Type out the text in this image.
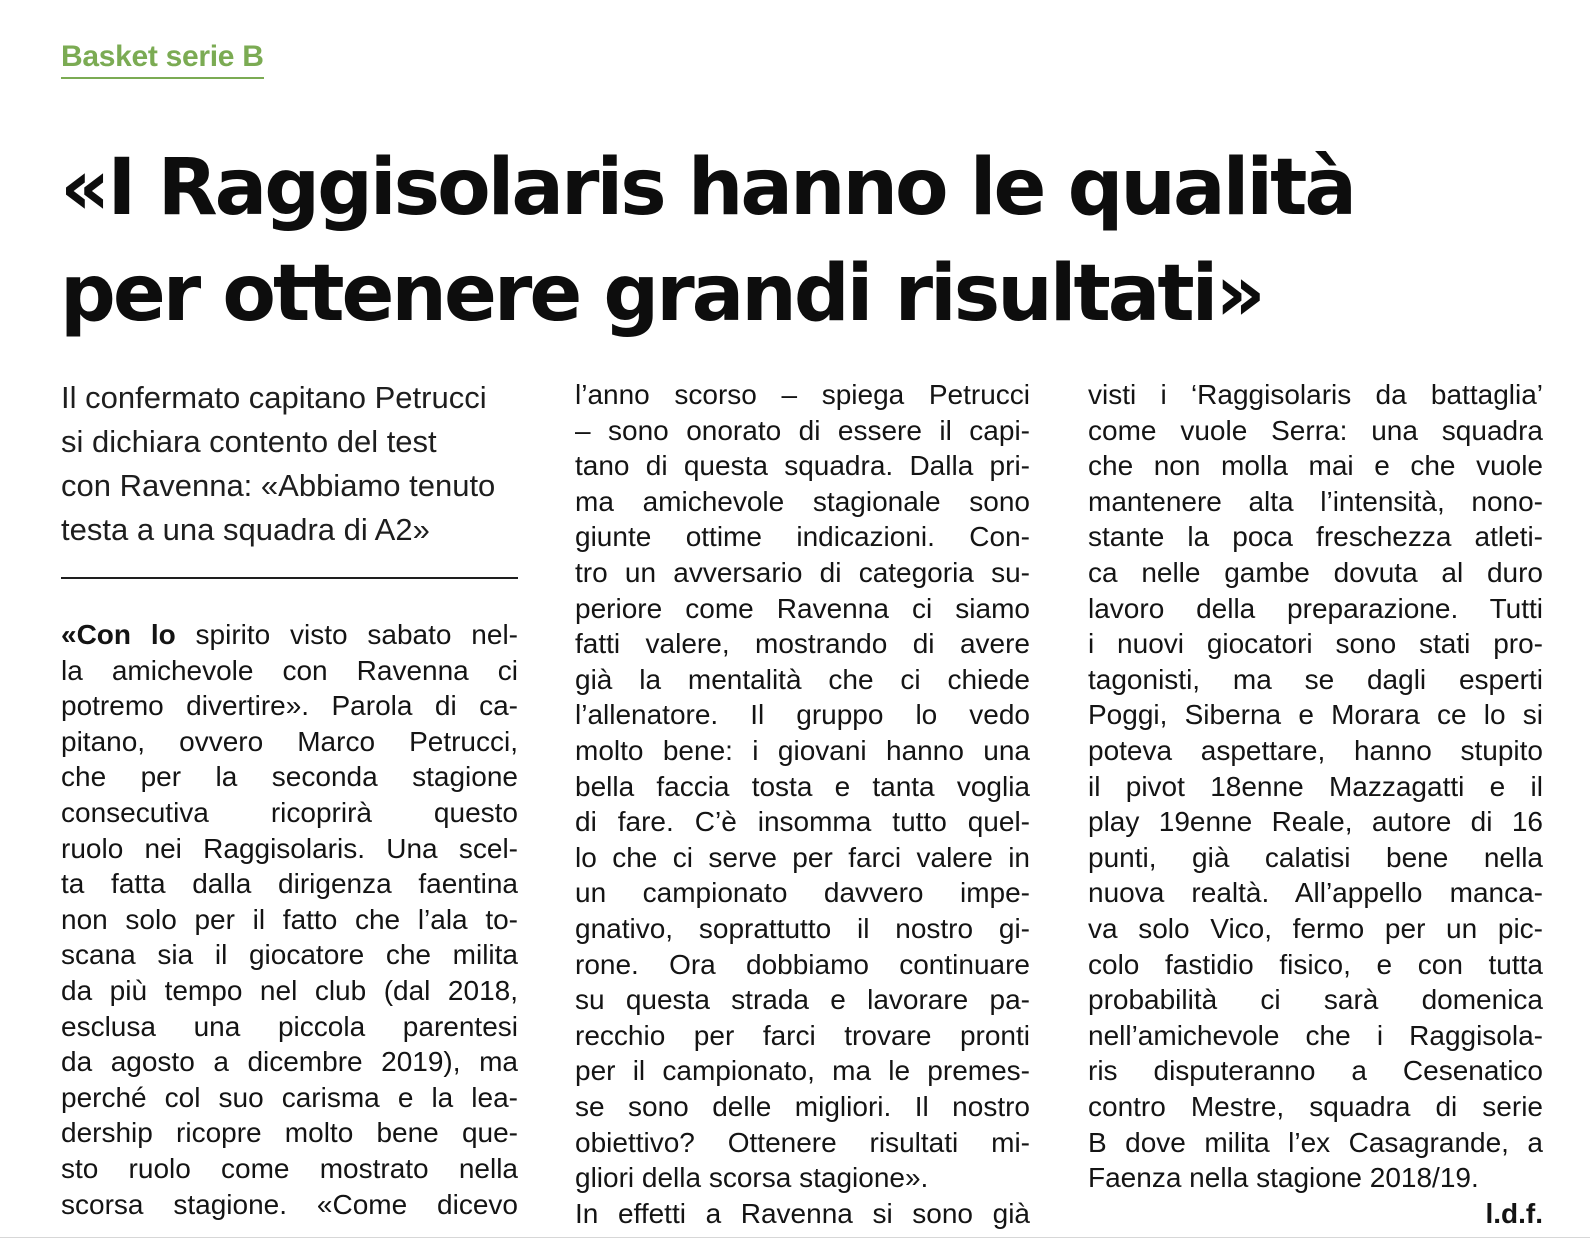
Basket serie B
«I Raggisolaris hanno le qualità
per ottenere grandi risultati»
Il confermato capitano Petrucci
si dichiara contento del test
con Ravenna: «Abbiamo tenuto
testa a una squadra di A2»
«Con lo spirito visto sabato nel-
la amichevole con Ravenna ci
potremo divertire». Parola di ca-
pitano, ovvero Marco Petrucci,
che per la seconda stagione
consecutiva ricoprirà questo
ruolo nei Raggisolaris. Una scel-
ta fatta dalla dirigenza faentina
non solo per il fatto che l’ala to-
scana sia il giocatore che milita
da più tempo nel club (dal 2018,
esclusa una piccola parentesi
da agosto a dicembre 2019), ma
perché col suo carisma e la lea-
dership ricopre molto bene que-
sto ruolo come mostrato nella
scorsa stagione. «Come dicevo
l’anno scorso – spiega Petrucci
– sono onorato di essere il capi-
tano di questa squadra. Dalla pri-
ma amichevole stagionale sono
giunte ottime indicazioni. Con-
tro un avversario di categoria su-
periore come Ravenna ci siamo
fatti valere, mostrando di avere
già la mentalità che ci chiede
l’allenatore. Il gruppo lo vedo
molto bene: i giovani hanno una
bella faccia tosta e tanta voglia
di fare. C’è insomma tutto quel-
lo che ci serve per farci valere in
un campionato davvero impe-
gnativo, soprattutto il nostro gi-
rone. Ora dobbiamo continuare
su questa strada e lavorare pa-
recchio per farci trovare pronti
per il campionato, ma le premes-
se sono delle migliori. Il nostro
obiettivo? Ottenere risultati mi-
gliori della scorsa stagione».
In effetti a Ravenna si sono già
visti i ‘Raggisolaris da battaglia’
come vuole Serra: una squadra
che non molla mai e che vuole
mantenere alta l’intensità, nono-
stante la poca freschezza atleti-
ca nelle gambe dovuta al duro
lavoro della preparazione. Tutti
i nuovi giocatori sono stati pro-
tagonisti, ma se dagli esperti
Poggi, Siberna e Morara ce lo si
poteva aspettare, hanno stupito
il pivot 18enne Mazzagatti e il
play 19enne Reale, autore di 16
punti, già calatisi bene nella
nuova realtà. All’appello manca-
va solo Vico, fermo per un pic-
colo fastidio fisico, e con tutta
probabilità ci sarà domenica
nell’amichevole che i Raggisola-
ris disputeranno a Cesenatico
contro Mestre, squadra di serie
B dove milita l’ex Casagrande, a
Faenza nella stagione 2018/19.
l.d.f.
